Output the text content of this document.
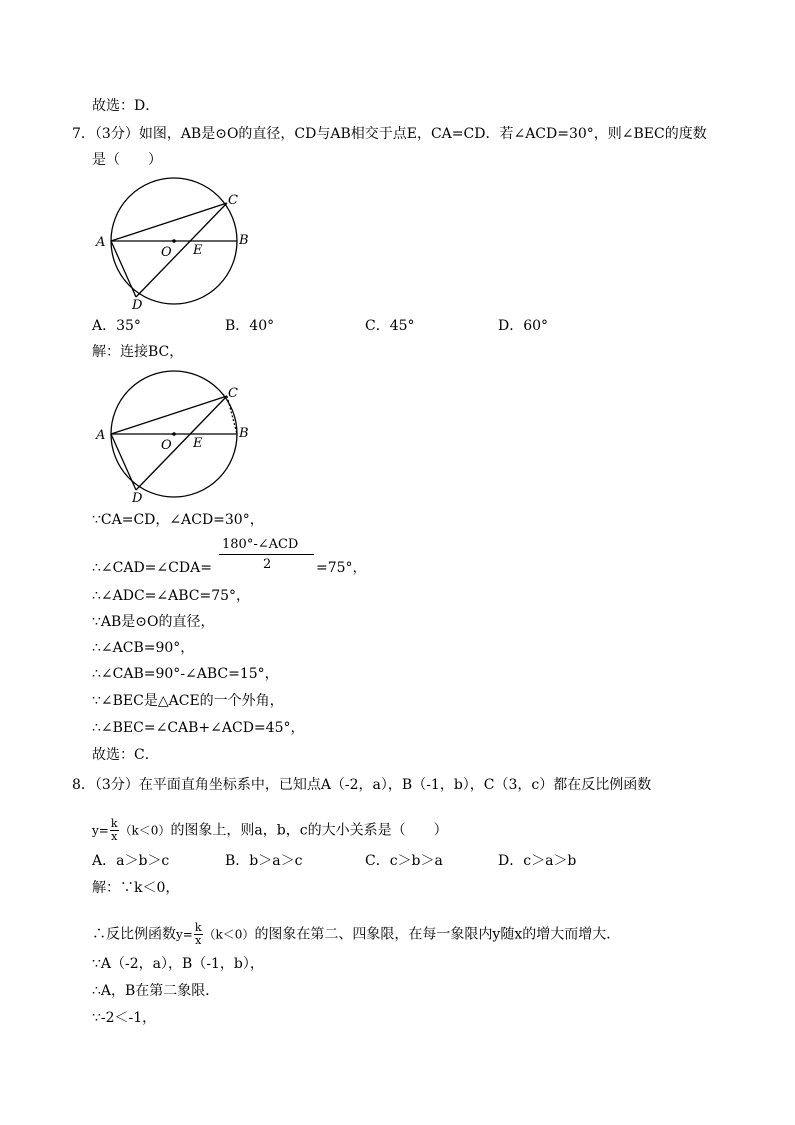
故选：D．
7．（3分）如图，AB是⊙O的直径，CD与AB相交于点E，CA=CD．若∠ACD=30°，则∠BEC的度数
是（　　）
A	B
C
D
O E
A．35°	B．40°	C．45°	D．60°
解：连接BC，
A	B
C
D
O E
∵CA=CD，∠ACD=30°，
∴∠CAD=∠CDA=
180°-∠ACD
2	=75°，
∴∠ADC=∠ABC=75°，
∵AB是⊙O的直径，
∴∠ACB=90°，
∴∠CAB=90°-∠ABC=15°，
∵∠BEC是△ACE的一个外角，
∴∠BEC=∠CAB+∠ACD=45°，
故选：C．
8．（3分）在平面直角坐标系中，已知点A（-2，a），B（-1，b），C（3，c）都在反比例函数
$y= \frac{k}{x} (k<0)$的图象上，则a，b，c的大小关系是（　　）
A．a＞b＞c	B．b＞a＞c	C．c＞b＞a	D．c＞a＞b
解：∵k＜0，
∴反比例函数$y= \frac{k}{x} (k<0)$的图象在第二、四象限，在每一象限内y随x的增大而增大．
∵A（-2，a），B（-1，b），
∴A，B在第二象限．
∵-2＜-1，
